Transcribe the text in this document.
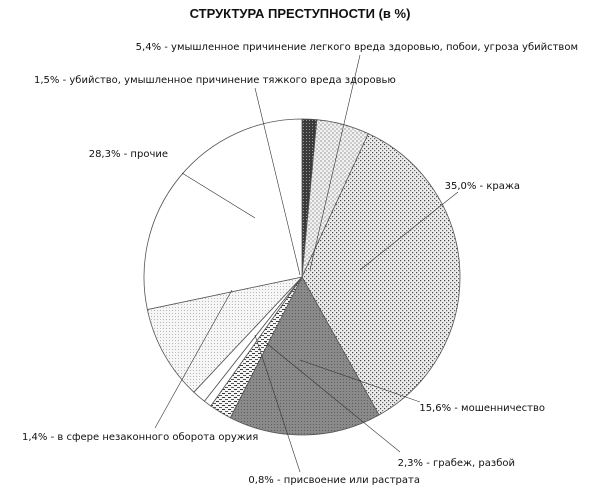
СТРУКТУРА ПРЕСТУПНОСТИ (в %)
1,5% - убийство, умышленное причинение тяжкого вреда здоровью
5,4% - умышленное причинение легкого вреда здоровью, побои, угроза убийством
35,0% - кража
15,6% - мошенничество
2,3% - грабеж, разбой
0,8% - присвоение или растрата
1,4% - в сфере незаконного оборота оружия
28,3% - прочие
